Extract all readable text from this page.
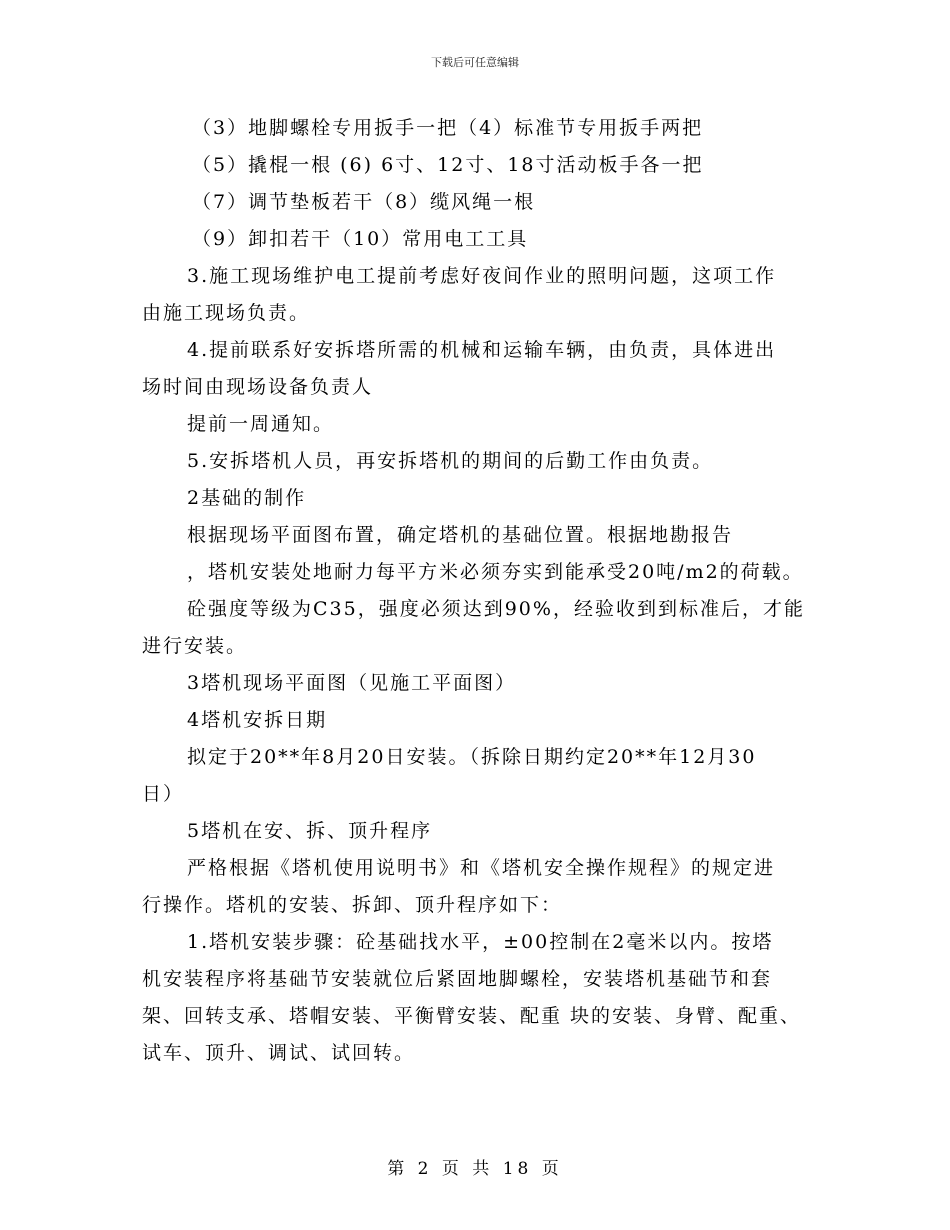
下载后可任意编辑
（3）地脚螺栓专用扳手一把（4）标准节专用扳手两把
（5）撬棍一根 (6) 6寸、12寸、18寸活动板手各一把
（7）调节垫板若干（8）缆风绳一根
（9）卸扣若干（10）常用电工工具
3.施工现场维护电工提前考虑好夜间作业的照明问题，这项工作
由施工现场负责。
4.提前联系好安拆塔所需的机械和运输车辆，由负责，具体进出
场时间由现场设备负责人
提前一周通知。
5.安拆塔机人员，再安拆塔机的期间的后勤工作由负责。
2基础的制作
根据现场平面图布置，确定塔机的基础位置。根据地勘报告
，塔机安装处地耐力每平方米必须夯实到能承受20吨/m2的荷载。
砼强度等级为C35，强度必须达到90%，经验收到到标准后，才能
进行安装。
3塔机现场平面图（见施工平面图）
4塔机安拆日期
拟定于20**年8月20日安装。（拆除日期约定20**年12月30
日）
5塔机在安、拆、顶升程序
严格根据《塔机使用说明书》和《塔机安全操作规程》的规定进
行操作。塔机的安装、拆卸、顶升程序如下：
1.塔机安装步骤：砼基础找水平，±00控制在2毫米以内。按塔
机安装程序将基础节安装就位后紧固地脚螺栓，安装塔机基础节和套
架、回转支承、塔帽安装、平衡臂安装、配重 块的安装、身臂、配重、
试车、顶升、调试、试回转。
第 2 页 共 18 页
